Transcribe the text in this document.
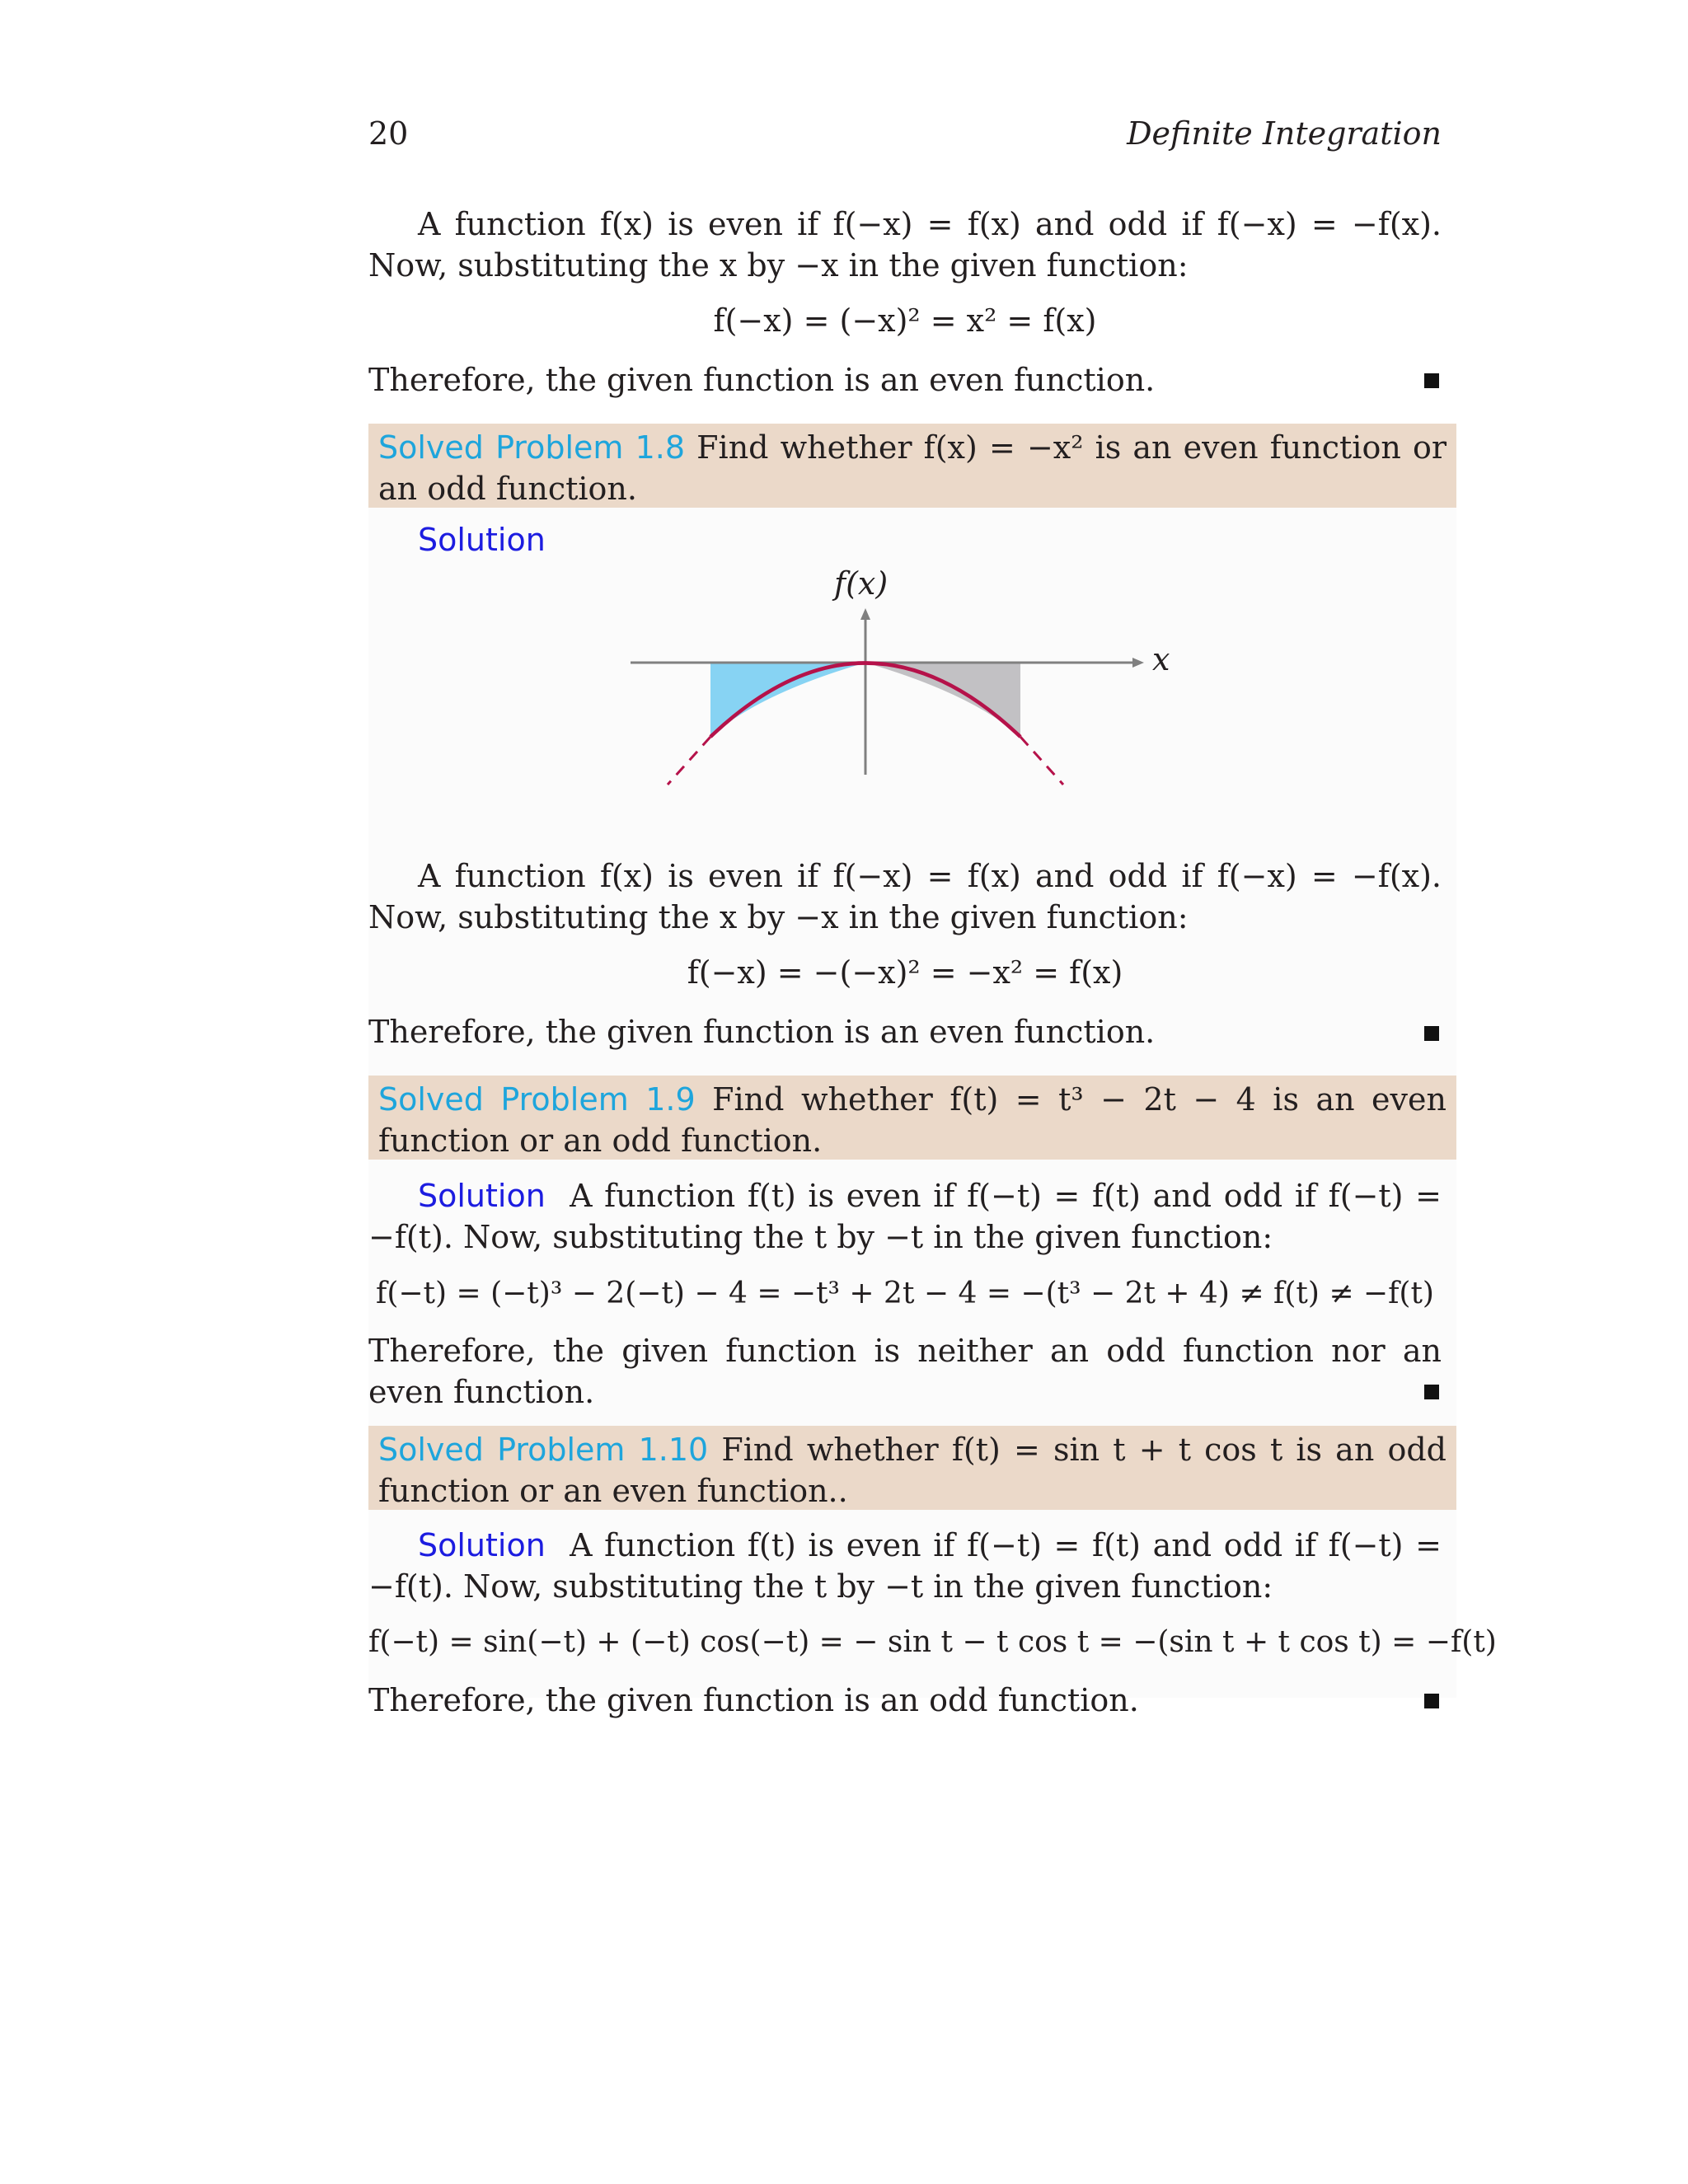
20	Definite Integration
A function f(x) is even if f(−x) = f(x) and odd if f(−x) = −f(x). Now, substituting the x by −x in the given function:
f(−x) = (−x)² = x² = f(x)
Therefore, the given function is an even function.
Solved Problem 1.8 Find whether f(x) = −x² is an even function or an odd function.
Solution
f(x)
x
A function f(x) is even if f(−x) = f(x) and odd if f(−x) = −f(x). Now, substituting the x by −x in the given function:
f(−x) = −(−x)² = −x² = f(x)
Therefore, the given function is an even function.
Solved Problem 1.9 Find whether f(t) = t³ − 2t − 4 is an even function or an odd function.
Solution A function f(t) is even if f(−t) = f(t) and odd if f(−t) = −f(t). Now, substituting the t by −t in the given function:
f(−t) = (−t)³ − 2(−t) − 4 = −t³ + 2t − 4 = −(t³ − 2t + 4) ≠ f(t) ≠ −f(t)
Therefore, the given function is neither an odd function nor an even function.
Solved Problem 1.10 Find whether f(t) = sin t + t cos t is an odd function or an even function..
Solution A function f(t) is even if f(−t) = f(t) and odd if f(−t) = −f(t). Now, substituting the t by −t in the given function:
f(−t) = sin(−t) + (−t) cos(−t) = − sin t − t cos t = −(sin t + t cos t) = −f(t)
Therefore, the given function is an odd function.
